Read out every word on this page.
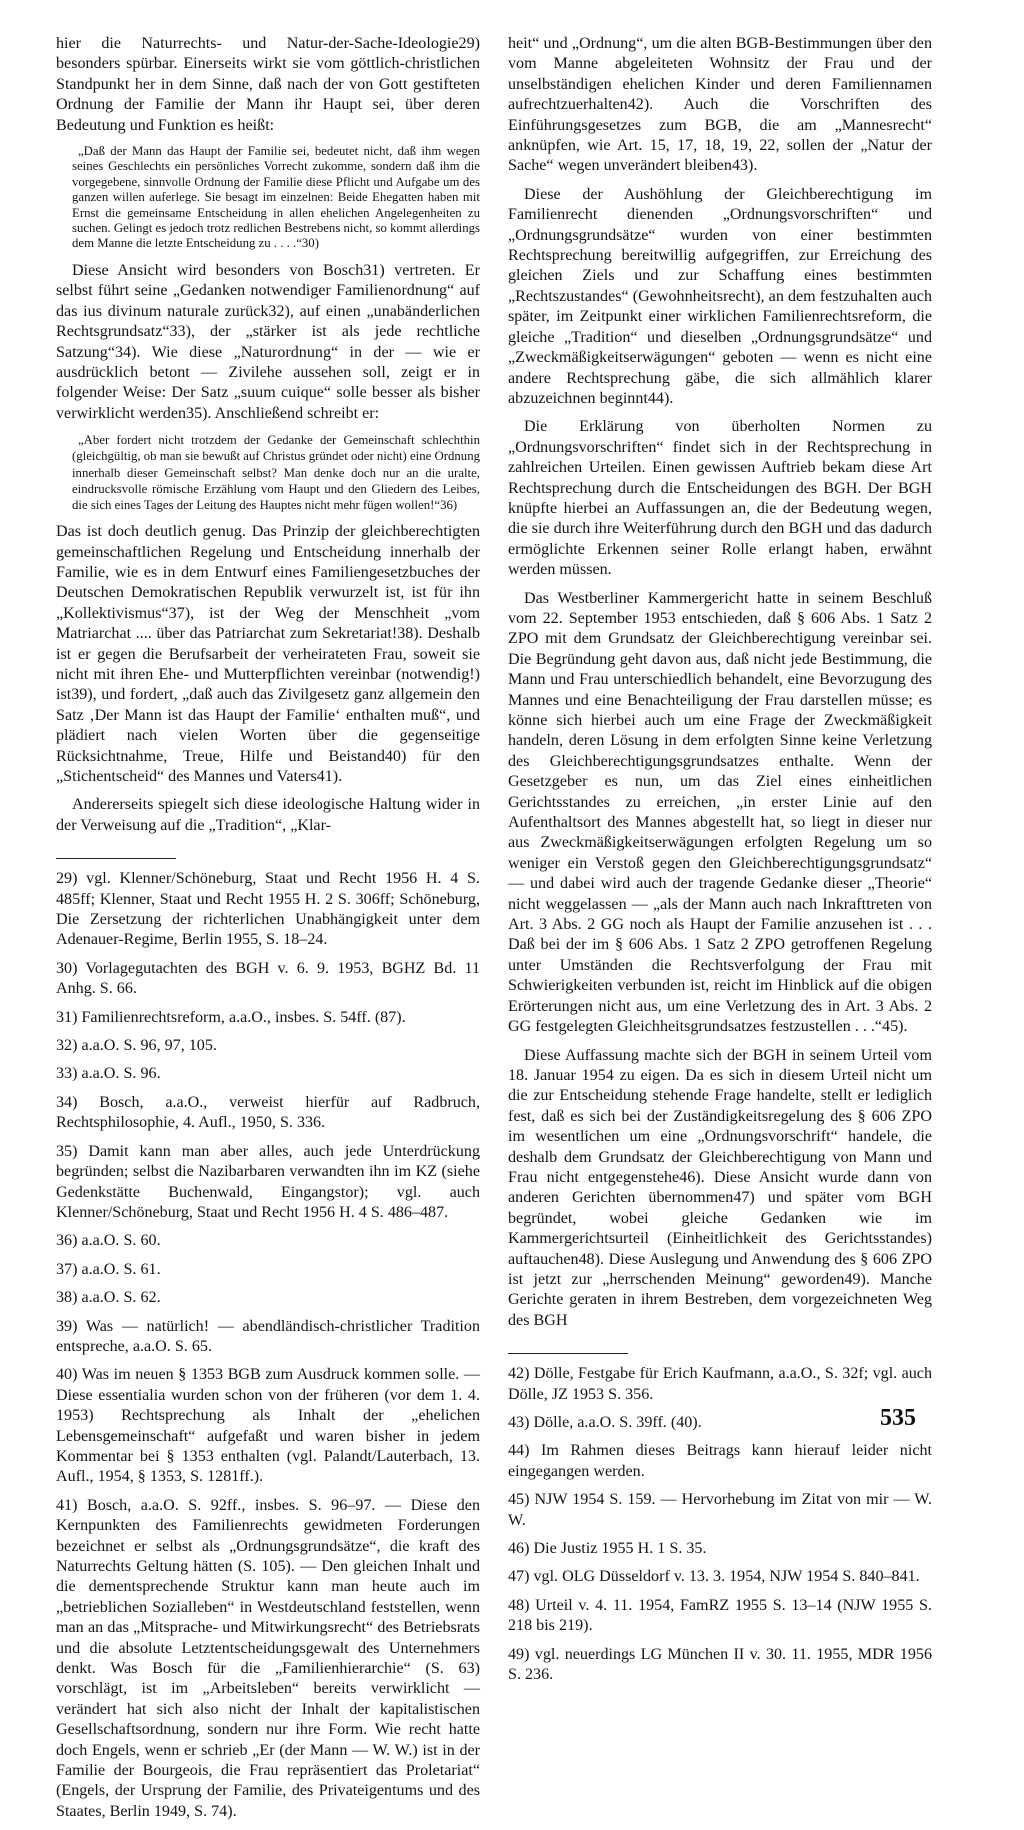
hier die Naturrechts- und Natur-der-Sache-Ideologie29) besonders spürbar. Einerseits wirkt sie vom göttlich-christlichen Standpunkt her in dem Sinne, daß nach der von Gott gestifteten Ordnung der Familie der Mann ihr Haupt sei, über deren Bedeutung und Funktion es heißt:

„Daß der Mann das Haupt der Familie sei, bedeutet nicht, daß ihm wegen seines Geschlechts ein persönliches Vorrecht zukomme, sondern daß ihm die vorgegebene, sinnvolle Ordnung der Familie diese Pflicht und Aufgabe um des ganzen willen auferlege. Sie besagt im einzelnen: Beide Ehegatten haben mit Ernst die gemeinsame Entscheidung in allen ehelichen Angelegenheiten zu suchen. Gelingt es jedoch trotz redlichen Bestrebens nicht, so kommt allerdings dem Manne die letzte Entscheidung zu . . . .“30)

Diese Ansicht wird besonders von Bosch31) vertreten. Er selbst führt seine „Gedanken notwendiger Familienordnung“ auf das ius divinum naturale zurück32), auf einen „unabänderlichen Rechtsgrundsatz“33), der „stärker ist als jede rechtliche Satzung“34). Wie diese „Naturordnung“ in der — wie er ausdrücklich betont — Zivilehe aussehen soll, zeigt er in folgender Weise: Der Satz „suum cuique“ solle besser als bisher verwirklicht werden35). Anschließend schreibt er:

„Aber fordert nicht trotzdem der Gedanke der Gemeinschaft schlechthin (gleichgültig, ob man sie bewußt auf Christus gründet oder nicht) eine Ordnung innerhalb dieser Gemeinschaft selbst? Man denke doch nur an die uralte, eindrucksvolle römische Erzählung vom Haupt und den Gliedern des Leibes, die sich eines Tages der Leitung des Hauptes nicht mehr fügen wollen!“36)

Das ist doch deutlich genug. Das Prinzip der gleichberechtigten gemeinschaftlichen Regelung und Entscheidung innerhalb der Familie, wie es in dem Entwurf eines Familiengesetzbuches der Deutschen Demokratischen Republik verwurzelt ist, ist für ihn „Kollektivismus“37), ist der Weg der Menschheit „vom Matriarchat .... über das Patriarchat zum Sekretariat!38). Deshalb ist er gegen die Berufsarbeit der verheirateten Frau, soweit sie nicht mit ihren Ehe- und Mutterpflichten vereinbar (notwendig!) ist39), und fordert, „daß auch das Zivilgesetz ganz allgemein den Satz ‚Der Mann ist das Haupt der Familie‘ enthalten muß“, und plädiert nach vielen Worten über die gegenseitige Rücksichtnahme, Treue, Hilfe und Beistand40) für den „Stichentscheid“ des Mannes und Vaters41).

Andererseits spiegelt sich diese ideologische Haltung wider in der Verweisung auf die „Tradition“, „Klar-

29) vgl. Klenner/Schöneburg, Staat und Recht 1956 H. 4 S. 485ff; Klenner, Staat und Recht 1955 H. 2 S. 306ff; Schöneburg, Die Zersetzung der richterlichen Unabhängigkeit unter dem Adenauer-Regime, Berlin 1955, S. 18–24.

30) Vorlagegutachten des BGH v. 6. 9. 1953, BGHZ Bd. 11 Anhg. S. 66.

31) Familienrechtsreform, a.a.O., insbes. S. 54ff. (87).

32) a.a.O. S. 96, 97, 105.

33) a.a.O. S. 96.

34) Bosch, a.a.O., verweist hierfür auf Radbruch, Rechtsphilosophie, 4. Aufl., 1950, S. 336.

35) Damit kann man aber alles, auch jede Unterdrückung begründen; selbst die Nazibarbaren verwandten ihn im KZ (siehe Gedenkstätte Buchenwald, Eingangstor); vgl. auch Klenner/Schöneburg, Staat und Recht 1956 H. 4 S. 486–487.

36) a.a.O. S. 60.

37) a.a.O. S. 61.

38) a.a.O. S. 62.

39) Was — natürlich! — abendländisch-christlicher Tradition entspreche, a.a.O. S. 65.

40) Was im neuen § 1353 BGB zum Ausdruck kommen solle. — Diese essentialia wurden schon von der früheren (vor dem 1. 4. 1953) Rechtsprechung als Inhalt der „ehelichen Lebensgemeinschaft“ aufgefaßt und waren bisher in jedem Kommentar bei § 1353 enthalten (vgl. Palandt/Lauterbach, 13. Aufl., 1954, § 1353, S. 1281ff.).

41) Bosch, a.a.O. S. 92ff., insbes. S. 96–97. — Diese den Kernpunkten des Familienrechts gewidmeten Forderungen bezeichnet er selbst als „Ordnungsgrundsätze“, die kraft des Naturrechts Geltung hätten (S. 105). — Den gleichen Inhalt und die dementsprechende Struktur kann man heute auch im „betrieblichen Sozialleben“ in Westdeutschland feststellen, wenn man an das „Mitsprache- und Mitwirkungsrecht“ des Betriebsrats und die absolute Letztentscheidungsgewalt des Unternehmers denkt. Was Bosch für die „Familienhierarchie“ (S. 63) vorschlägt, ist im „Arbeitsleben“ bereits verwirklicht — verändert hat sich also nicht der Inhalt der kapitalistischen Gesellschaftsordnung, sondern nur ihre Form. Wie recht hatte doch Engels, wenn er schrieb „Er (der Mann — W. W.) ist in der Familie der Bourgeois, die Frau repräsentiert das Proletariat“ (Engels, der Ursprung der Familie, des Privateigentums und des Staates, Berlin 1949, S. 74).

heit“ und „Ordnung“, um die alten BGB-Bestimmungen über den vom Manne abgeleiteten Wohnsitz der Frau und der unselbständigen ehelichen Kinder und deren Familiennamen aufrechtzuerhalten42). Auch die Vorschriften des Einführungsgesetzes zum BGB, die am „Mannesrecht“ anknüpfen, wie Art. 15, 17, 18, 19, 22, sollen der „Natur der Sache“ wegen unverändert bleiben43).

Diese der Aushöhlung der Gleichberechtigung im Familienrecht dienenden „Ordnungsvorschriften“ und „Ordnungsgrundsätze“ wurden von einer bestimmten Rechtsprechung bereitwillig aufgegriffen, zur Erreichung des gleichen Ziels und zur Schaffung eines bestimmten „Rechtszustandes“ (Gewohnheitsrecht), an dem festzuhalten auch später, im Zeitpunkt einer wirklichen Familienrechtsreform, die gleiche „Tradition“ und dieselben „Ordnungsgrundsätze“ und „Zweckmäßigkeitserwägungen“ geboten — wenn es nicht eine andere Rechtsprechung gäbe, die sich allmählich klarer abzuzeichnen beginnt44).

Die Erklärung von überholten Normen zu „Ordnungsvorschriften“ findet sich in der Rechtsprechung in zahlreichen Urteilen. Einen gewissen Auftrieb bekam diese Art Rechtsprechung durch die Entscheidungen des BGH. Der BGH knüpfte hierbei an Auffassungen an, die der Bedeutung wegen, die sie durch ihre Weiterführung durch den BGH und das dadurch ermöglichte Erkennen seiner Rolle erlangt haben, erwähnt werden müssen.

Das Westberliner Kammergericht hatte in seinem Beschluß vom 22. September 1953 entschieden, daß § 606 Abs. 1 Satz 2 ZPO mit dem Grundsatz der Gleichberechtigung vereinbar sei. Die Begründung geht davon aus, daß nicht jede Bestimmung, die Mann und Frau unterschiedlich behandelt, eine Bevorzugung des Mannes und eine Benachteiligung der Frau darstellen müsse; es könne sich hierbei auch um eine Frage der Zweckmäßigkeit handeln, deren Lösung in dem erfolgten Sinne keine Verletzung des Gleichberechtigungsgrundsatzes enthalte. Wenn der Gesetzgeber es nun, um das Ziel eines einheitlichen Gerichtsstandes zu erreichen, „in erster Linie auf den Aufenthaltsort des Mannes abgestellt hat, so liegt in dieser nur aus Zweckmäßigkeitserwägungen erfolgten Regelung um so weniger ein Verstoß gegen den Gleichberechtigungsgrundsatz“ — und dabei wird auch der tragende Gedanke dieser „Theorie“ nicht weggelassen — „als der Mann auch nach Inkrafttreten von Art. 3 Abs. 2 GG noch als Haupt der Familie anzusehen ist . . . Daß bei der im § 606 Abs. 1 Satz 2 ZPO getroffenen Regelung unter Umständen die Rechtsverfolgung der Frau mit Schwierigkeiten verbunden ist, reicht im Hinblick auf die obigen Erörterungen nicht aus, um eine Verletzung des in Art. 3 Abs. 2 GG festgelegten Gleichheitsgrundsatzes festzustellen . . .“45).

Diese Auffassung machte sich der BGH in seinem Urteil vom 18. Januar 1954 zu eigen. Da es sich in diesem Urteil nicht um die zur Entscheidung stehende Frage handelte, stellt er lediglich fest, daß es sich bei der Zuständigkeitsregelung des § 606 ZPO im wesentlichen um eine „Ordnungsvorschrift“ handele, die deshalb dem Grundsatz der Gleichberechtigung von Mann und Frau nicht entgegenstehe46). Diese Ansicht wurde dann von anderen Gerichten übernommen47) und später vom BGH begründet, wobei gleiche Gedanken wie im Kammergerichtsurteil (Einheitlichkeit des Gerichtsstandes) auftauchen48). Diese Auslegung und Anwendung des § 606 ZPO ist jetzt zur „herrschenden Meinung“ geworden49). Manche Gerichte geraten in ihrem Bestreben, dem vorgezeichneten Weg des BGH

42) Dölle, Festgabe für Erich Kaufmann, a.a.O., S. 32f; vgl. auch Dölle, JZ 1953 S. 356.

43) Dölle, a.a.O. S. 39ff. (40).

44) Im Rahmen dieses Beitrags kann hierauf leider nicht eingegangen werden.

45) NJW 1954 S. 159. — Hervorhebung im Zitat von mir — W. W.

46) Die Justiz 1955 H. 1 S. 35.

47) vgl. OLG Düsseldorf v. 13. 3. 1954, NJW 1954 S. 840–841.

48) Urteil v. 4. 11. 1954, FamRZ 1955 S. 13–14 (NJW 1955 S. 218 bis 219).

49) vgl. neuerdings LG München II v. 30. 11. 1955, MDR 1956 S. 236.

535
